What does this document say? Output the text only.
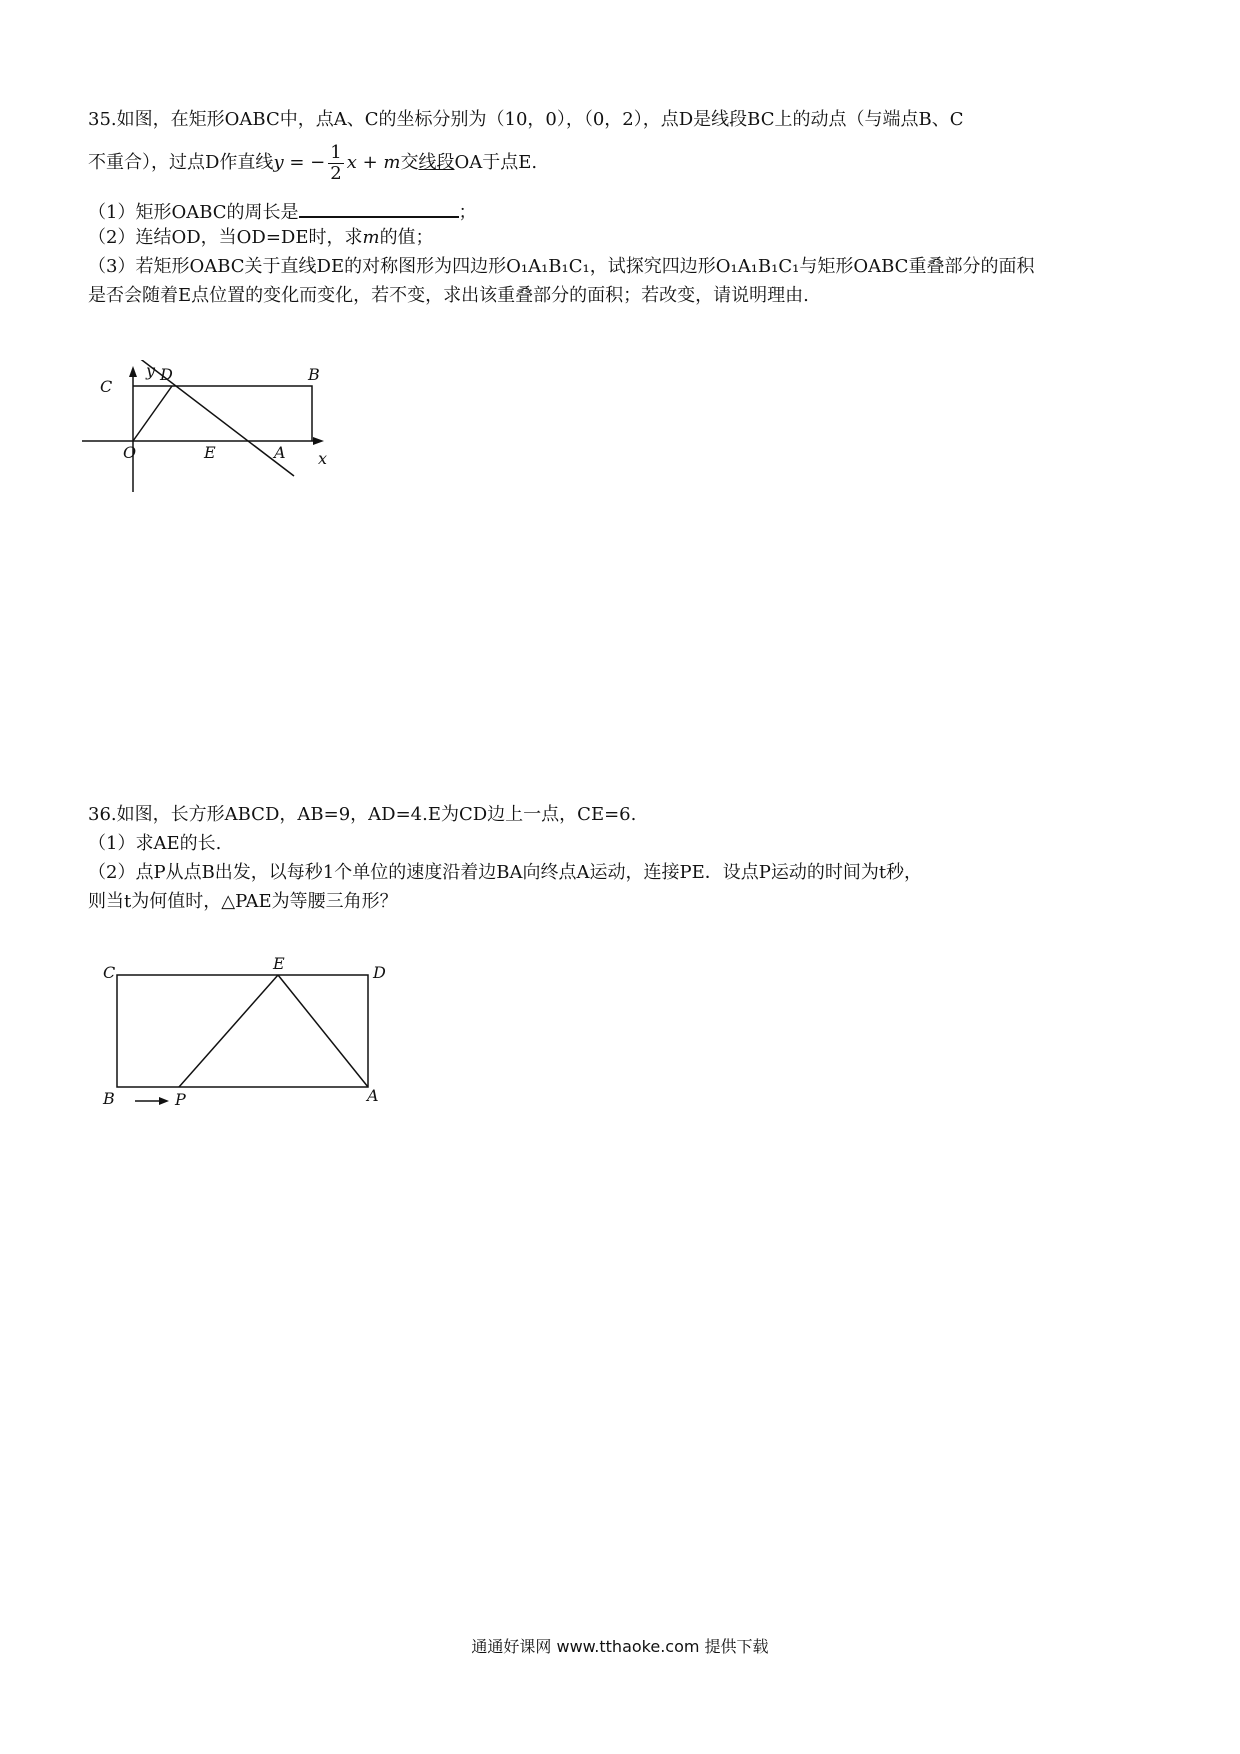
35.如图，在矩形OABC中，点A、C的坐标分别为（10，0），（0，2），点D是线段BC上的动点（与端点B、C
不重合），过点D作直线y = − $\frac{1}{2}$ x + m交线段OA于点E.
（1）矩形OABC的周长是	；
（2）连结OD，当OD=DE时，求m的值；
（3）若矩形OABC关于直线DE的对称图形为四边形O₁A₁B₁C₁，试探究四边形O₁A₁B₁C₁与矩形OABC重叠部分的面积
是否会随着E点位置的变化而变化，若不变，求出该重叠部分的面积；若改变，请说明理由.
y
C
D	B
O	E	A x
36.如图，长方形ABCD，AB=9，AD=4.E为CD边上一点，CE=6.
（1）求AE的长.
（2）点P从点B出发，以每秒1个单位的速度沿着边BA向终点A运动，连接PE．设点P运动的时间为t秒，
则当t为何值时，△PAE为等腰三角形？
C	E	D
B	P	A
通通好课网 www.tthaoke.com 提供下载
